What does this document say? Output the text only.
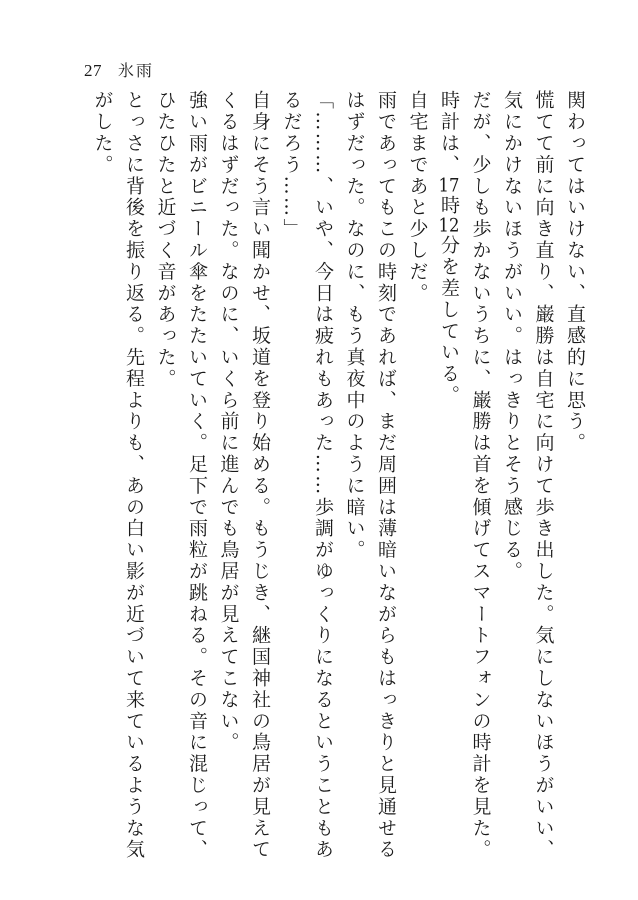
27 氷雨
関わってはいけない、直感的に思う。
慌てて前に向き直り、巌勝は自宅に向けて歩き出した。気にしないほうがいい、
気にかけないほうがいい。はっきりとそう感じる。
だが、少しも歩かないうちに、巌勝は首を傾げてスマートフォンの時計を見た。
時計は、17時12分を差している。
自宅まであと少しだ。
雨であってもこの時刻であれば、まだ周囲は薄暗いながらもはっきりと見通せる
はずだった。なのに、もう真夜中のように暗い。
「………、いや、今日は疲れもあった……歩調がゆっくりになるということもあ
るだろう……」
自身にそう言い聞かせ、坂道を登り始める。もうじき、継国神社の鳥居が見えて
くるはずだった。なのに、いくら前に進んでも鳥居が見えてこない。
強い雨がビニール傘をたたいていく。足下で雨粒が跳ねる。その音に混じって、
ひたひたと近づく音があった。
とっさに背後を振り返る。先程よりも、あの白い影が近づいて来ているような気
がした。
